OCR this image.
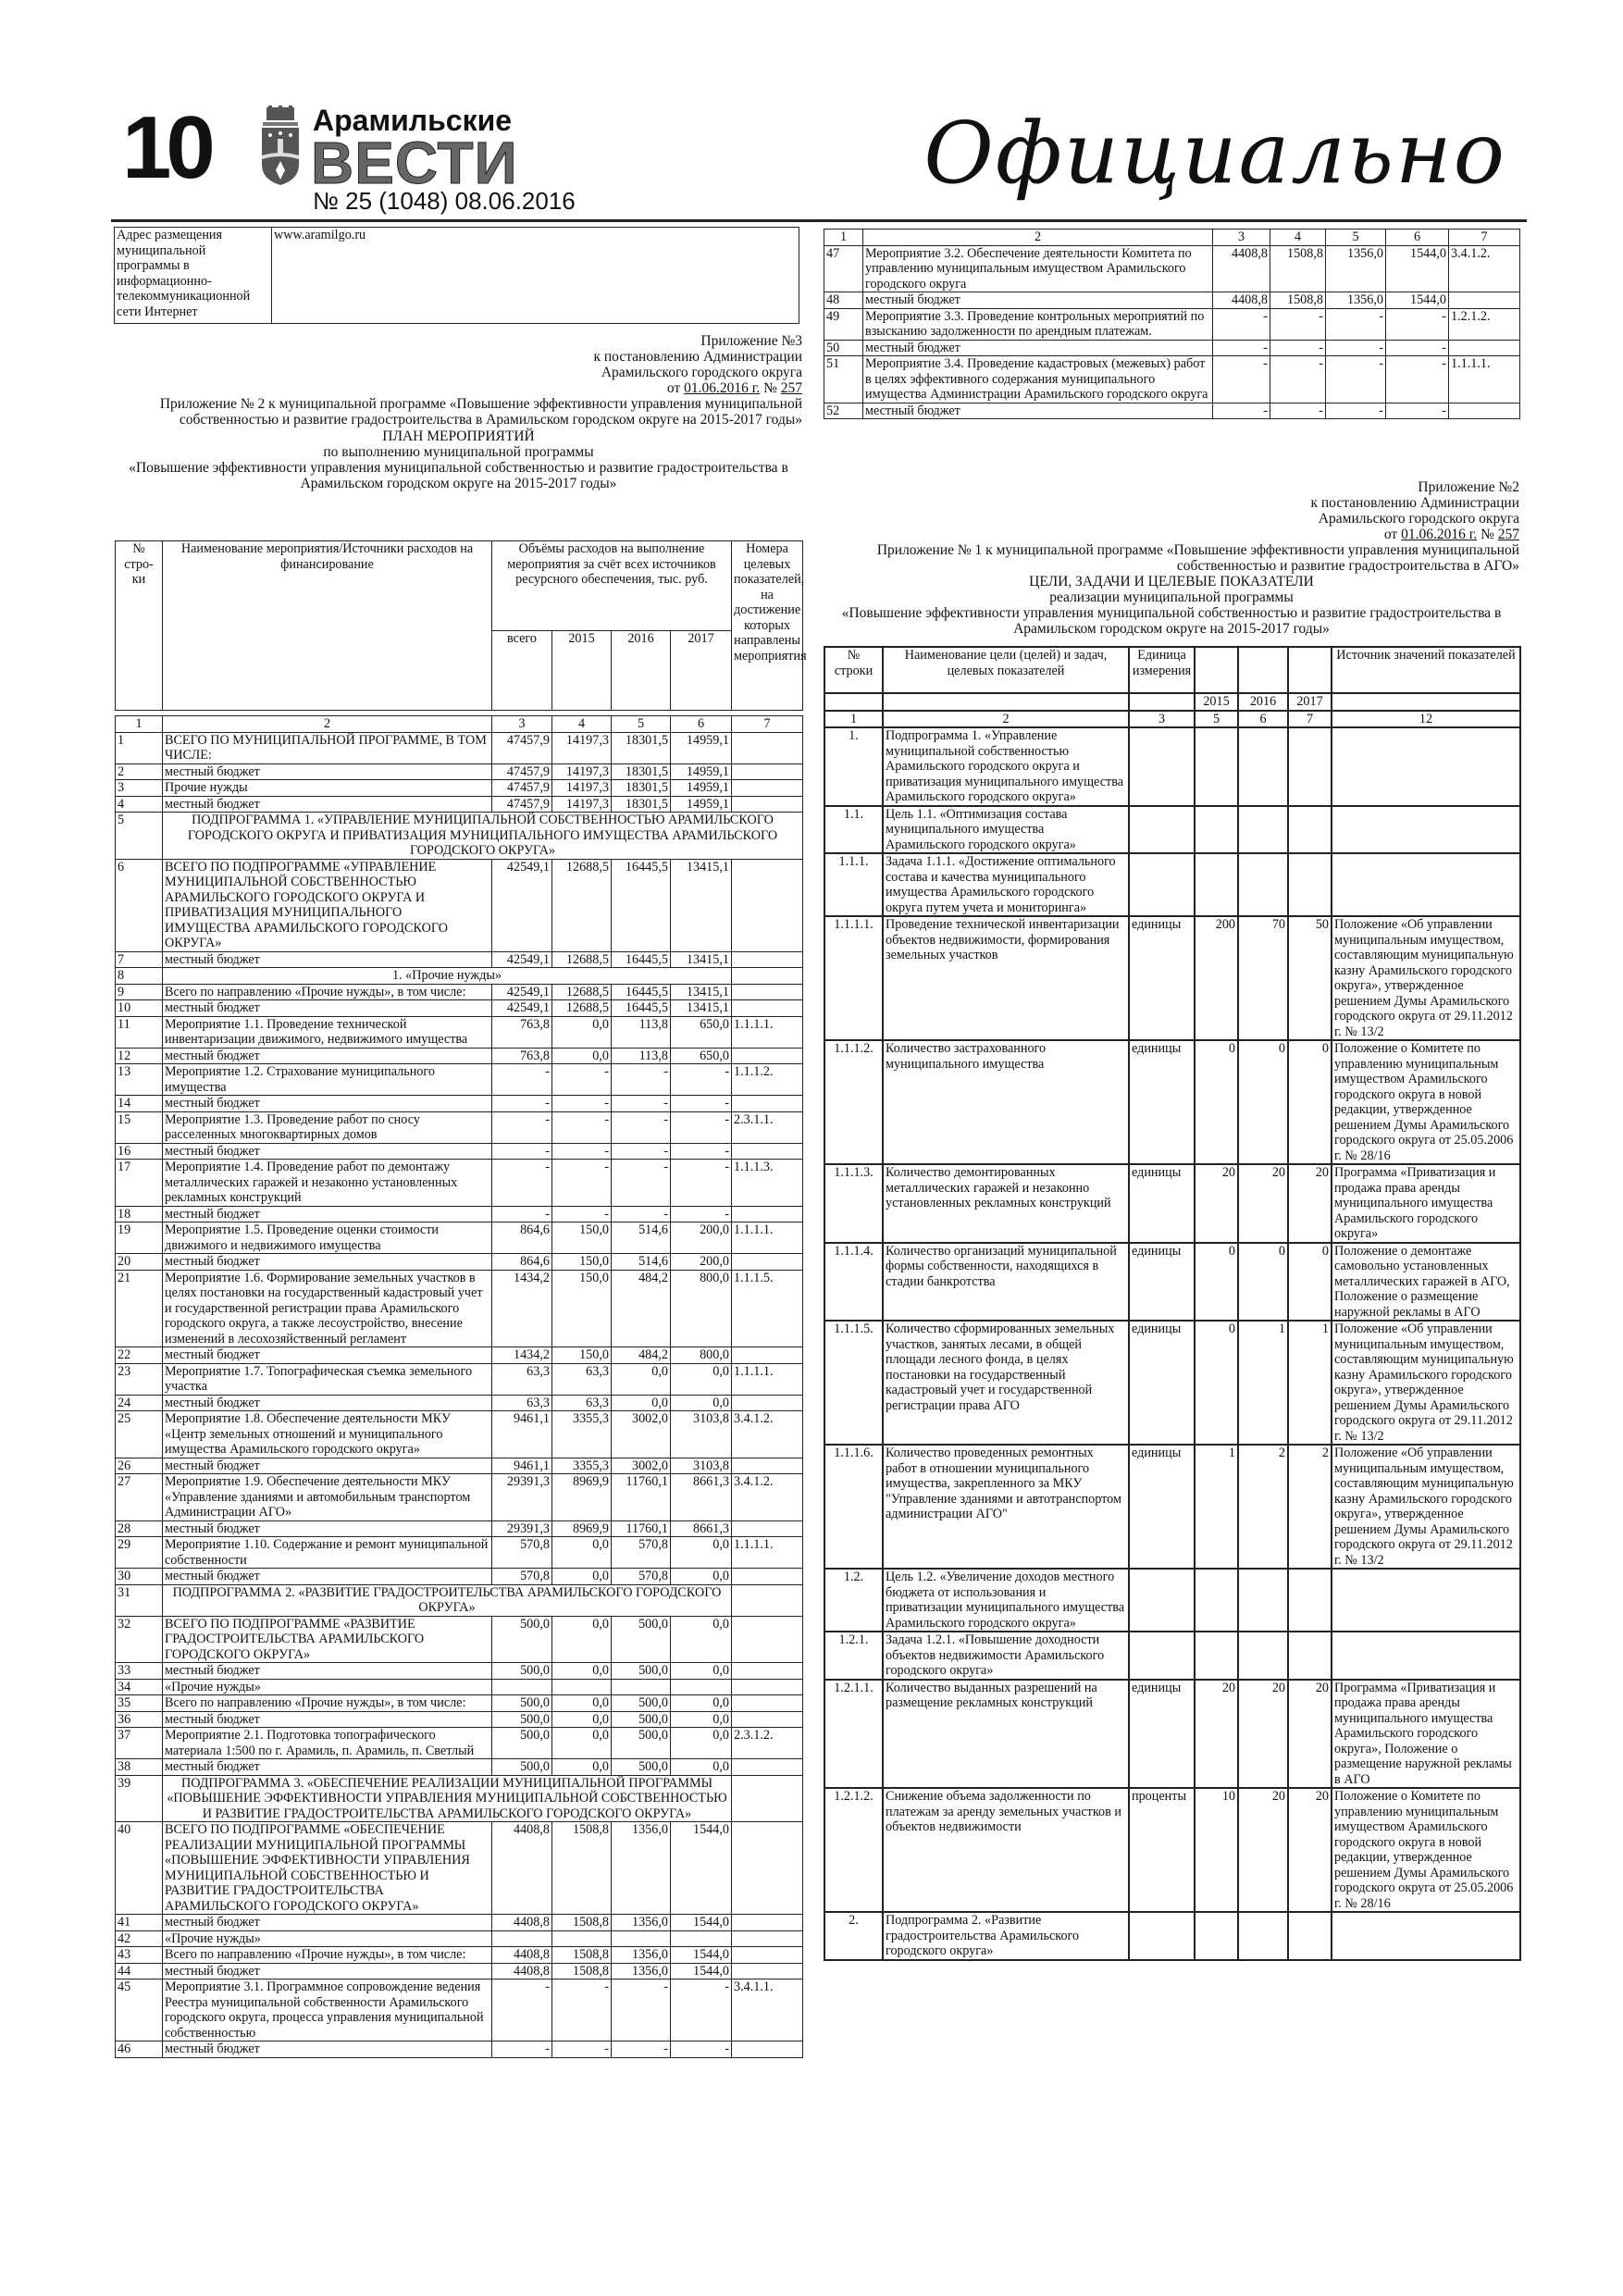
10	Арамильские
ВЕСТИ
№ 25 (1048) 08.06.2016	Официально
Адрес размещения муниципальной программы в информационно-телекоммуникационной сети Интернет	www.aramilgo.ru
Приложение №3
к постановлению Администрации
Арамильского городского округа
от 01.06.2016 г. № 257
Приложение № 2 к муниципальной программе «Повышение эффективности управления муниципальной собственностью и развитие градостроительства в Арамильском городском округе на 2015-2017 годы»
ПЛАН МЕРОПРИЯТИЙ
по выполнению муниципальной программы
«Повышение эффективности управления муниципальной собственностью и развитие градостроительства в Арамильском городском округе на 2015-2017 годы»
№ стро-ки	Наименование мероприятия/Источники расходов на финансирование	Объёмы расходов на выполнение мероприятия за счёт всех источников ресурсного обеспечения, тыс. руб.				Номера целевых показателей, на достижение которых направлены мероприятия
		всего	2015	2016	2017	
1	2	3	4	5	6	7
1	ВСЕГО ПО МУНИЦИПАЛЬНОЙ ПРОГРАММЕ, В ТОМ ЧИСЛЕ:	47457,9	14197,3	18301,5	14959,1	
2	местный бюджет	47457,9	14197,3	18301,5	14959,1	
3	Прочие нужды	47457,9	14197,3	18301,5	14959,1	
4	местный бюджет	47457,9	14197,3	18301,5	14959,1	
5	ПОДПРОГРАММА 1. «УПРАВЛЕНИЕ МУНИЦИПАЛЬНОЙ СОБСТВЕННОСТЬЮ АРАМИЛЬСКОГО ГОРОДСКОГО ОКРУГА И ПРИВАТИЗАЦИЯ МУНИЦИПАЛЬНОГО ИМУЩЕСТВА АРАМИЛЬСКОГО ГОРОДСКОГО ОКРУГА»					
6	ВСЕГО ПО ПОДПРОГРАММЕ «УПРАВЛЕНИЕ МУНИЦИПАЛЬНОЙ СОБСТВЕННОСТЬЮ АРАМИЛЬСКОГО ГОРОДСКОГО ОКРУГА И ПРИВАТИЗАЦИЯ МУНИЦИПАЛЬНОГО ИМУЩЕСТВА АРАМИЛЬСКОГО ГОРОДСКОГО ОКРУГА»	42549,1	12688,5	16445,5	13415,1	
7	местный бюджет	42549,1	12688,5	16445,5	13415,1	
8	1. «Прочие нужды»					
9	Всего по направлению «Прочие нужды», в том числе:	42549,1	12688,5	16445,5	13415,1	
10	местный бюджет	42549,1	12688,5	16445,5	13415,1	
11	Мероприятие 1.1. Проведение технической инвентаризации движимого, недвижимого имущества	763,8	0,0	113,8	650,0	1.1.1.1.
12	местный бюджет	763,8	0,0	113,8	650,0	
13	Мероприятие 1.2. Страхование муниципального имущества	-	-	-	-	1.1.1.2.
14	местный бюджет	-	-	-	-	
15	Мероприятие 1.3. Проведение работ по сносу расселенных многоквартирных домов	-	-	-	-	2.3.1.1.
16	местный бюджет	-	-	-	-	
17	Мероприятие 1.4. Проведение работ по демонтажу металлических гаражей и незаконно установленных рекламных конструкций	-	-	-	-	1.1.1.3.
18	местный бюджет	-	-	-	-	
19	Мероприятие 1.5. Проведение оценки стоимости движимого и недвижимого имущества	864,6	150,0	514,6	200,0	1.1.1.1.
20	местный бюджет	864,6	150,0	514,6	200,0	
21	Мероприятие 1.6. Формирование земельных участков в целях постановки на государственный кадастровый учет и государственной регистрации права Арамильского городского округа, а также лесоустройство, внесение изменений в лесохозяйственный регламент	1434,2	150,0	484,2	800,0	1.1.1.5.
22	местный бюджет	1434,2	150,0	484,2	800,0	
23	Мероприятие 1.7. Топографическая съемка земельного участка	63,3	63,3	0,0	0,0	1.1.1.1.
24	местный бюджет	63,3	63,3	0,0	0,0	
25	Мероприятие 1.8. Обеспечение деятельности МКУ «Центр земельных отношений и муниципального имущества Арамильского городского округа»	9461,1	3355,3	3002,0	3103,8	3.4.1.2.
26	местный бюджет	9461,1	3355,3	3002,0	3103,8	
27	Мероприятие 1.9. Обеспечение деятельности МКУ «Управление зданиями и автомобильным транспортом Администрации АГО»	29391,3	8969,9	11760,1	8661,3	3.4.1.2.
28	местный бюджет	29391,3	8969,9	11760,1	8661,3	
29	Мероприятие 1.10. Содержание и ремонт муниципальной собственности	570,8	0,0	570,8	0,0	1.1.1.1.
30	местный бюджет	570,8	0,0	570,8	0,0	
31	ПОДПРОГРАММА 2. «РАЗВИТИЕ ГРАДОСТРОИТЕЛЬСТВА АРАМИЛЬСКОГО ГОРОДСКОГО ОКРУГА»					
32	ВСЕГО ПО ПОДПРОГРАММЕ «РАЗВИТИЕ ГРАДОСТРОИТЕЛЬСТВА АРАМИЛЬСКОГО ГОРОДСКОГО ОКРУГА»	500,0	0,0	500,0	0,0	
33	местный бюджет	500,0	0,0	500,0	0,0	
34	«Прочие нужды»					
35	Всего по направлению «Прочие нужды», в том числе:	500,0	0,0	500,0	0,0	
36	местный бюджет	500,0	0,0	500,0	0,0	
37	Мероприятие 2.1. Подготовка топографического материала 1:500 по г. Арамиль, п. Арамиль, п. Светлый	500,0	0,0	500,0	0,0	2.3.1.2.
38	местный бюджет	500,0	0,0	500,0	0,0	
39	ПОДПРОГРАММА 3. «ОБЕСПЕЧЕНИЕ РЕАЛИЗАЦИИ МУНИЦИПАЛЬНОЙ ПРОГРАММЫ «ПОВЫШЕНИЕ ЭФФЕКТИВНОСТИ УПРАВЛЕНИЯ МУНИЦИПАЛЬНОЙ СОБСТВЕННОСТЬЮ И РАЗВИТИЕ ГРАДОСТРОИТЕЛЬСТВА АРАМИЛЬСКОГО ГОРОДСКОГО ОКРУГА»					
40	ВСЕГО ПО ПОДПРОГРАММЕ «ОБЕСПЕЧЕНИЕ РЕАЛИЗАЦИИ МУНИЦИПАЛЬНОЙ ПРОГРАММЫ «ПОВЫШЕНИЕ ЭФФЕКТИВНОСТИ УПРАВЛЕНИЯ МУНИЦИПАЛЬНОЙ СОБСТВЕННОСТЬЮ И РАЗВИТИЕ ГРАДОСТРОИТЕЛЬСТВА АРАМИЛЬСКОГО ГОРОДСКОГО ОКРУГА»	4408,8	1508,8	1356,0	1544,0	
41	местный бюджет	4408,8	1508,8	1356,0	1544,0	
42	«Прочие нужды»					
43	Всего по направлению «Прочие нужды», в том числе:	4408,8	1508,8	1356,0	1544,0	
44	местный бюджет	4408,8	1508,8	1356,0	1544,0	
45	Мероприятие 3.1. Программное сопровождение ведения Реестра муниципальной собственности Арамильского городского округа, процесса управления муниципальной собственностью	-	-	-	-	3.4.1.1.
46	местный бюджет	-	-	-	-	
1	2	3	4	5	6	7
47	Мероприятие 3.2. Обеспечение деятельности Комитета по управлению муниципальным имуществом Арамильского городского округа	4408,8	1508,8	1356,0	1544,0	3.4.1.2.
48	местный бюджет	4408,8	1508,8	1356,0	1544,0	
49	Мероприятие 3.3. Проведение контрольных мероприятий по взысканию задолженности по арендным платежам.	-	-	-	-	1.2.1.2.
50	местный бюджет	-	-	-	-	
51	Мероприятие 3.4. Проведение кадастровых (межевых) работ в целях эффективного содержания муниципального имущества Администрации Арамильского городского округа	-	-	-	-	1.1.1.1.
52	местный бюджет	-	-	-	-	
Приложение №2
к постановлению Администрации
Арамильского городского округа
от 01.06.2016 г. № 257
Приложение № 1 к муниципальной программе «Повышение эффективности управления муниципальной собственностью и развитие градостроительства в АГО»
ЦЕЛИ, ЗАДАЧИ И ЦЕЛЕВЫЕ ПОКАЗАТЕЛИ
реализации муниципальной программы
«Повышение эффективности управления муниципальной собственностью и развитие градостроительства в Арамильском городском округе на 2015-2017 годы»
№ строки	Наименование цели (целей) и задач, целевых показателей	Единица измерения				Источник значений показателей
			2015	2016	2017	
1	2	3	5	6	7	12
1.	Подпрограмма 1. «Управление муниципальной собственностью Арамильского городского округа и приватизация муниципального имущества Арамильского городского округа»					
1.1.	Цель 1.1. «Оптимизация состава муниципального имущества Арамильского городского округа»					
1.1.1.	Задача 1.1.1. «Достижение оптимального состава и качества муниципального имущества Арамильского городского округа путем учета и мониторинга»					
1.1.1.1.	Проведение технической инвентаризации объектов недвижимости, формирования земельных участков	единицы	200	70	50	Положение «Об управлении муниципальным имуществом, составляющим муниципальную казну Арамильского городского округа», утвержденное решением Думы Арамильского городского округа от 29.11.2012 г. № 13/2
1.1.1.2.	Количество застрахованного муниципального имущества	единицы	0	0	0	Положение о Комитете по управлению муниципальным имуществом Арамильского городского округа в новой редакции, утвержденное решением Думы Арамильского городского округа от 25.05.2006 г. № 28/16
1.1.1.3.	Количество демонтированных металлических гаражей и незаконно установленных рекламных конструкций	единицы	20	20	20	Программа «Приватизация и продажа права аренды муниципального имущества Арамильского городского округа»
1.1.1.4.	Количество организаций муниципальной формы собственности, находящихся в стадии банкротства	единицы	0	0	0	Положение о демонтаже самовольно установленных металлических гаражей в АГО, Положение о размещение наружной рекламы в АГО
1.1.1.5.	Количество сформированных земельных участков, занятых лесами, в общей площади лесного фонда, в целях постановки на государственный кадастровый учет и государственной регистрации права АГО	единицы	0	1	1	Положение «Об управлении муниципальным имуществом, составляющим муниципальную казну Арамильского городского округа», утвержденное решением Думы Арамильского городского округа от 29.11.2012 г. № 13/2
1.1.1.6.	Количество проведенных ремонтных работ в отношении муниципального имущества, закрепленного за МКУ "Управление зданиями и автотранспортом администрации АГО"	единицы	1	2	2	Положение «Об управлении муниципальным имуществом, составляющим муниципальную казну Арамильского городского округа», утвержденное решением Думы Арамильского городского округа от 29.11.2012 г. № 13/2
1.2.	Цель 1.2. «Увеличение доходов местного бюджета от использования и приватизации муниципального имущества Арамильского городского округа»					
1.2.1.	Задача 1.2.1. «Повышение доходности объектов недвижимости Арамильского городского округа»					
1.2.1.1.	Количество выданных разрешений на размещение рекламных конструкций	единицы	20	20	20	Программа «Приватизация и продажа права аренды муниципального имущества Арамильского городского округа», Положение о размещение наружной рекламы в АГО
1.2.1.2.	Снижение объема задолженности по платежам за аренду земельных участков и объектов недвижимости	проценты	10	20	20	Положение о Комитете по управлению муниципальным имуществом Арамильского городского округа в новой редакции, утвержденное решением Думы Арамильского городского округа от 25.05.2006 г. № 28/16
2.	Подпрограмма 2. «Развитие градостроительства Арамильского городского округа»					
